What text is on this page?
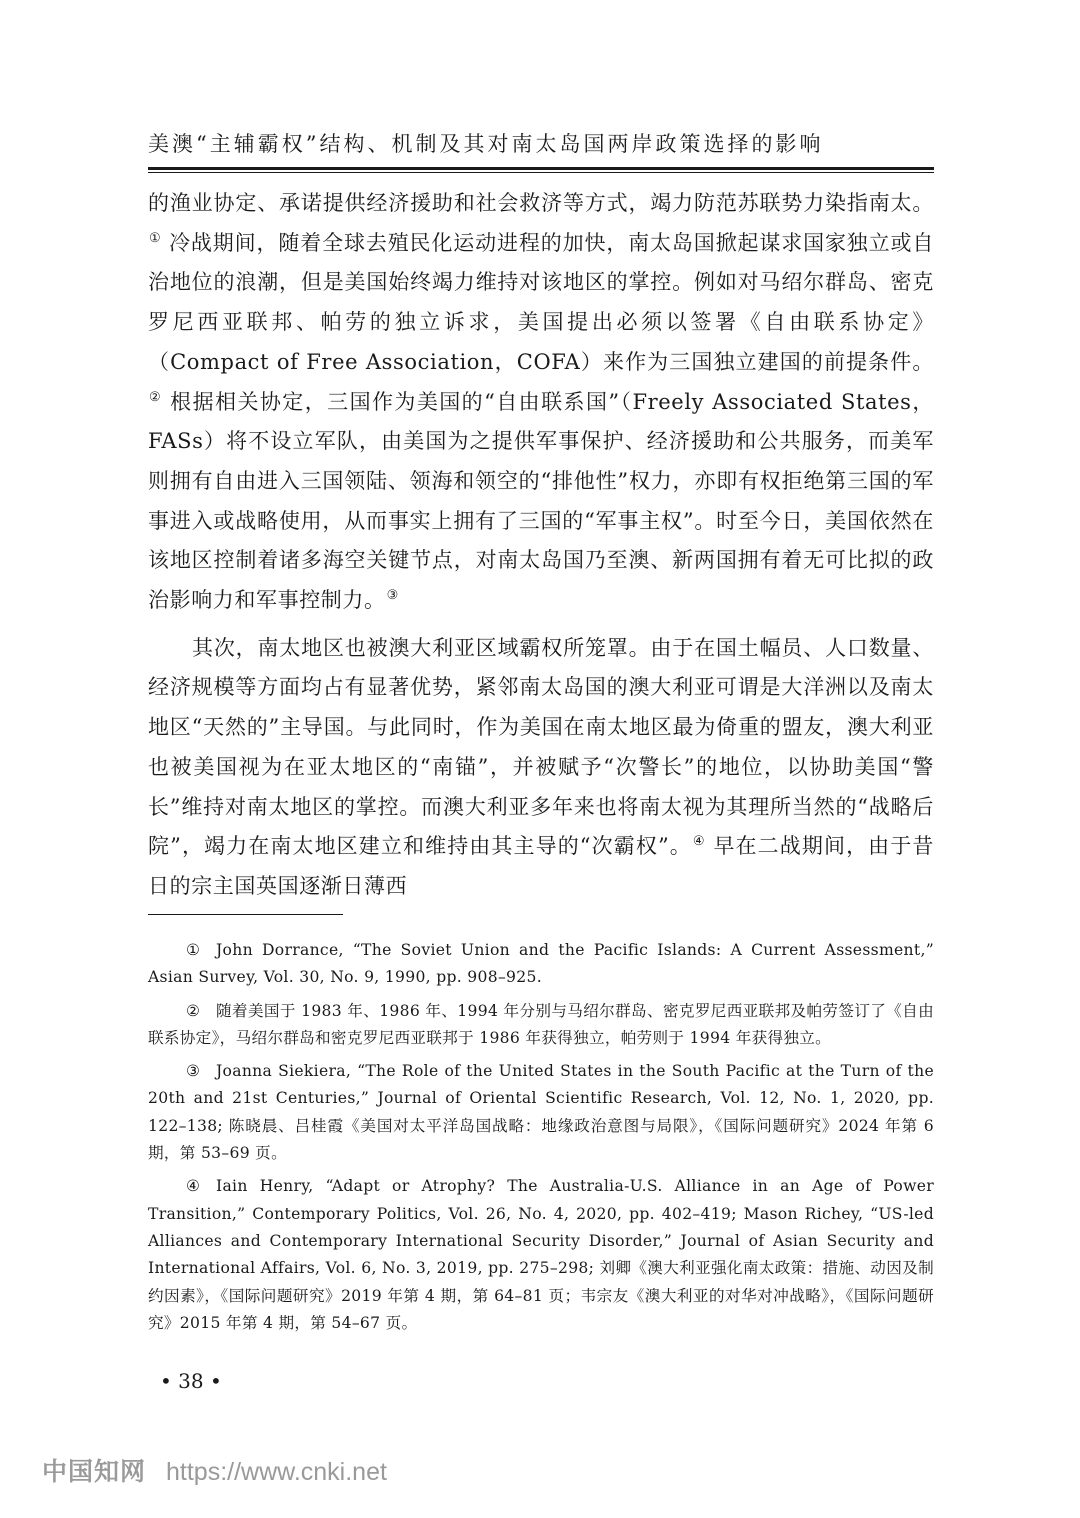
美澳“主辅霸权”结构、机制及其对南太岛国两岸政策选择的影响

的渔业协定、承诺提供经济援助和社会救济等方式，竭力防范苏联势力染指南太。① 冷战期间，随着全球去殖民化运动进程的加快，南太岛国掀起谋求国家独立或自治地位的浪潮，但是美国始终竭力维持对该地区的掌控。例如对马绍尔群岛、密克罗尼西亚联邦、帕劳的独立诉求，美国提出必须以签署《自由联系协定》（Compact of Free Association，COFA）来作为三国独立建国的前提条件。② 根据相关协定，三国作为美国的“自由联系国”（Freely Associated States，FASs）将不设立军队，由美国为之提供军事保护、经济援助和公共服务，而美军则拥有自由进入三国领陆、领海和领空的“排他性”权力，亦即有权拒绝第三国的军事进入或战略使用，从而事实上拥有了三国的“军事主权”。时至今日，美国依然在该地区控制着诸多海空关键节点，对南太岛国乃至澳、新两国拥有着无可比拟的政治影响力和军事控制力。③

其次，南太地区也被澳大利亚区域霸权所笼罩。由于在国土幅员、人口数量、经济规模等方面均占有显著优势，紧邻南太岛国的澳大利亚可谓是大洋洲以及南太地区“天然的”主导国。与此同时，作为美国在南太地区最为倚重的盟友，澳大利亚也被美国视为在亚太地区的“南锚”，并被赋予“次警长”的地位，以协助美国“警长”维持对南太地区的掌控。而澳大利亚多年来也将南太视为其理所当然的“战略后院”，竭力在南太地区建立和维持由其主导的“次霸权”。④ 早在二战期间，由于昔日的宗主国英国逐渐日薄西

① John Dorrance, “The Soviet Union and the Pacific Islands: A Current Assessment,” Asian Survey, Vol. 30, No. 9, 1990, pp. 908–925.

② 随着美国于 1983 年、1986 年、1994 年分别与马绍尔群岛、密克罗尼西亚联邦及帕劳签订了《自由联系协定》，马绍尔群岛和密克罗尼西亚联邦于 1986 年获得独立，帕劳则于 1994 年获得独立。

③ Joanna Siekiera, “The Role of the United States in the South Pacific at the Turn of the 20th and 21st Centuries,” Journal of Oriental Scientific Research, Vol. 12, No. 1, 2020, pp. 122–138; 陈晓晨、吕桂霞《美国对太平洋岛国战略：地缘政治意图与局限》，《国际问题研究》2024 年第 6 期，第 53–69 页。

④ Iain Henry, “Adapt or Atrophy? The Australia-U.S. Alliance in an Age of Power Transition,” Contemporary Politics, Vol. 26, No. 4, 2020, pp. 402–419; Mason Richey, “US-led Alliances and Contemporary International Security Disorder,” Journal of Asian Security and International Affairs, Vol. 6, No. 3, 2019, pp. 275–298; 刘卿《澳大利亚强化南太政策：措施、动因及制约因素》，《国际问题研究》2019 年第 4 期，第 64–81 页；韦宗友《澳大利亚的对华对冲战略》，《国际问题研究》2015 年第 4 期，第 54–67 页。

• 38 •
中国知网 https://www.cnki.net
